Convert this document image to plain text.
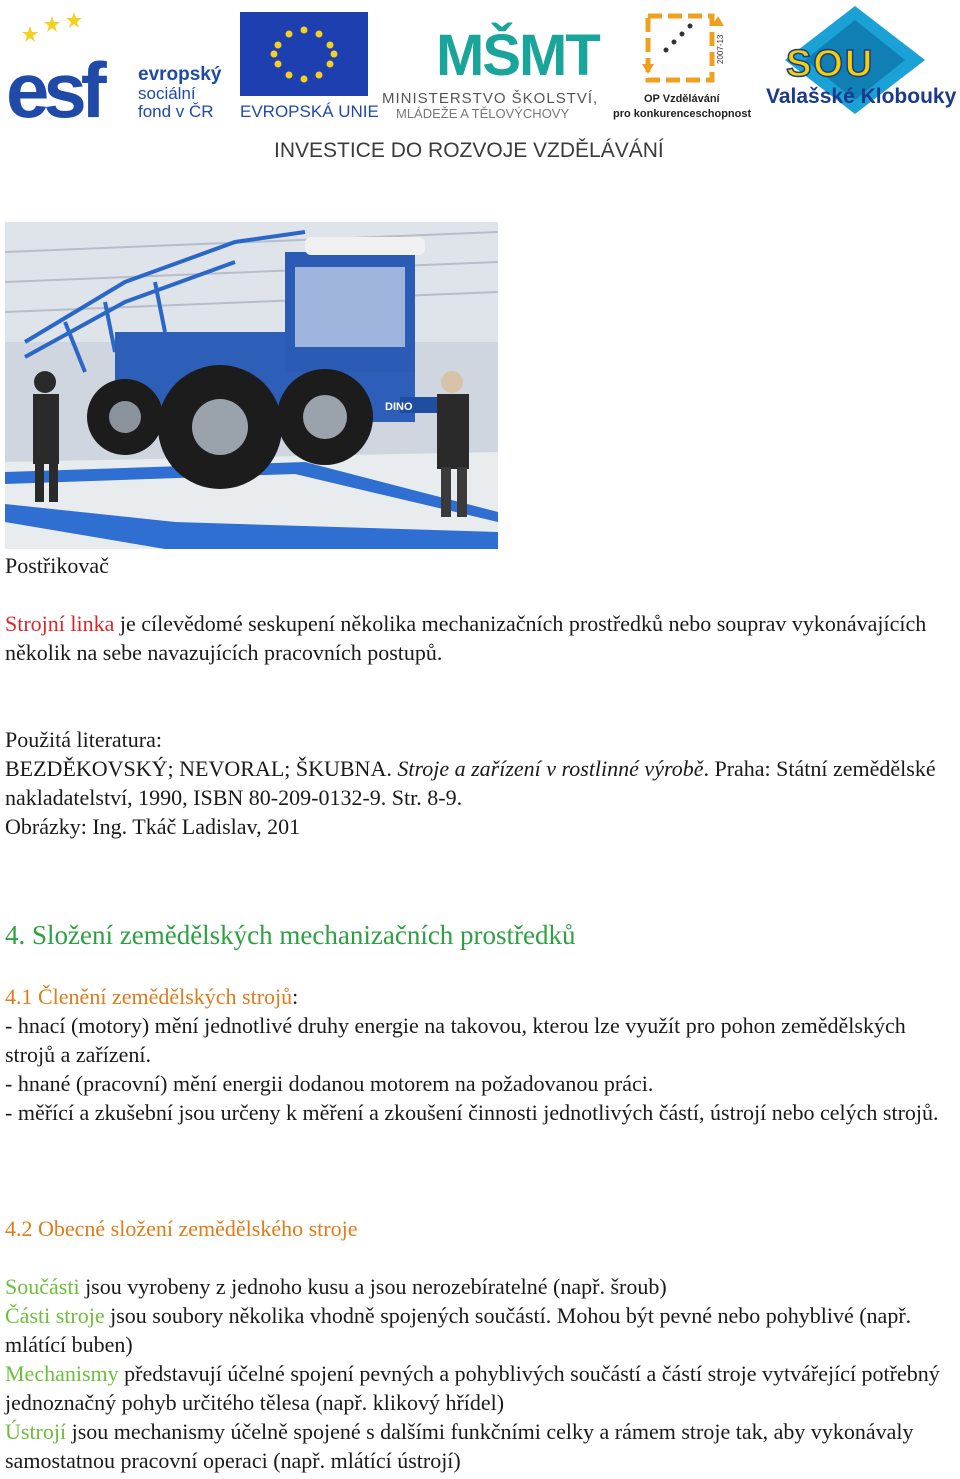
esf	evropský
sociální
fond v ČR EVROPSKÁ UNIE
MŠMT
MINISTERSTVO ŠKOLSTVÍ,
MLÁDEŽE A TĚLOVÝCHOVY
2007-13
OP Vzdělávání
pro konkurenceschopnost
SOU
Valašské Klobouky
INVESTICE DO ROZVOJE VZDĚLÁVÁNÍ
DINO
Postřikovač
Strojní linka je cílevědomé seskupení několika mechanizačních prostředků nebo souprav vykonávajících několik na sebe navazujících pracovních postupů.
Použitá literatura:
BEZDĚKOVSKÝ; NEVORAL; ŠKUBNA. Stroje a zařízení v rostlinné výrobě. Praha: Státní zemědělské nakladatelství, 1990, ISBN 80-209-0132-9. Str. 8-9.
Obrázky: Ing. Tkáč Ladislav, 201
4. Složení zemědělských mechanizačních prostředků
4.1 Členění zemědělských strojů:
- hnací (motory) mění jednotlivé druhy energie na takovou, kterou lze využít pro pohon zemědělských strojů a zařízení.
- hnané (pracovní) mění energii dodanou motorem na požadovanou práci.
- měřící a zkušební jsou určeny k měření a zkoušení činnosti jednotlivých částí, ústrojí nebo celých strojů.
4.2 Obecné složení zemědělského stroje
Součásti jsou vyrobeny z jednoho kusu a jsou nerozebíratelné (např. šroub)
Části stroje jsou soubory několika vhodně spojených součástí. Mohou být pevné nebo pohyblivé (např. mlátící buben)
Mechanismy představují účelné spojení pevných a pohyblivých součástí a částí stroje vytvářející potřebný jednoznačný pohyb určitého tělesa (např. klikový hřídel)
Ústrojí jsou mechanismy účelně spojené s dalšími funkčními celky a rámem stroje tak, aby vykonávaly samostatnou pracovní operaci (např. mlátící ústrojí)
